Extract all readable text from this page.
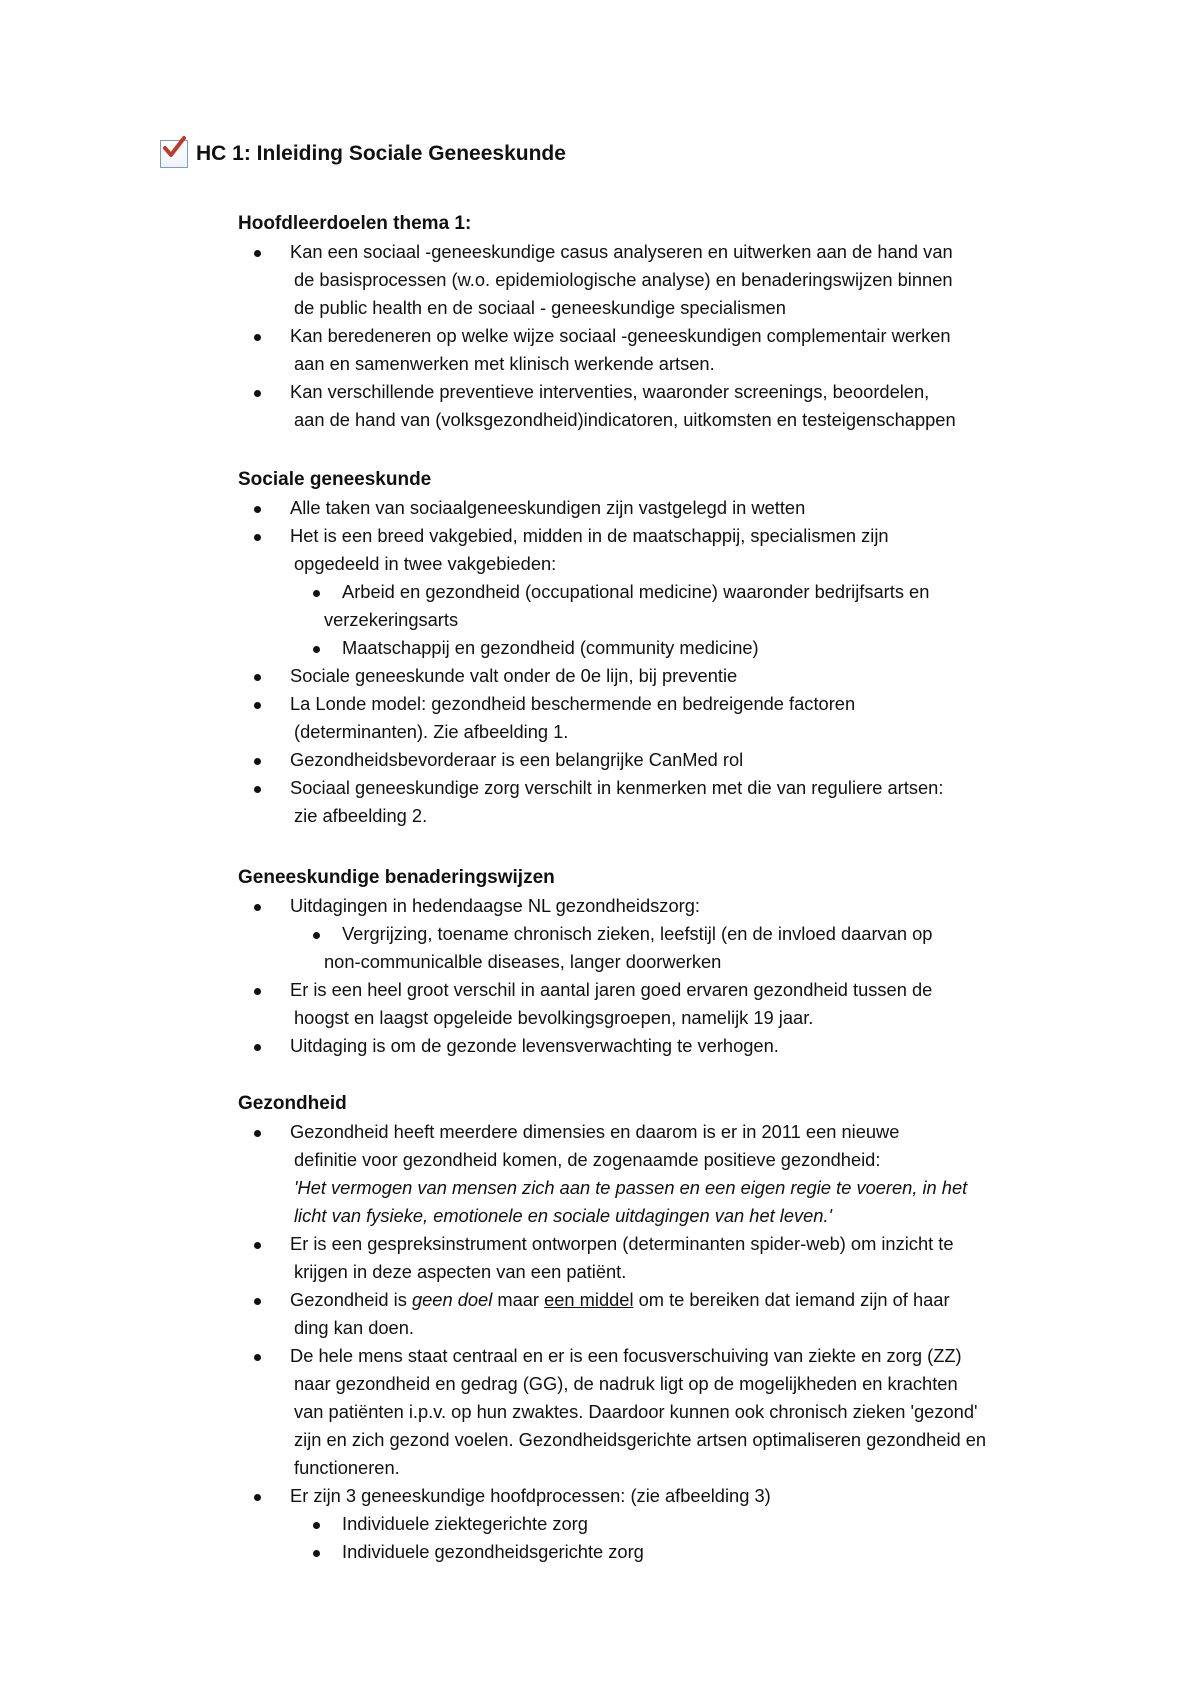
HC 1: Inleiding Sociale Geneeskunde

Hoofdleerdoelen thema 1:

Kan een sociaal -geneeskundige casus analyseren en uitwerken aan de hand van
de basisprocessen (w.o. epidemiologische analyse) en benaderingswijzen binnen
de public health en de sociaal - geneeskundige specialismen
Kan beredeneren op welke wijze sociaal -geneeskundigen complementair werken
aan en samenwerken met klinisch werkende artsen.
Kan verschillende preventieve interventies, waaronder screenings, beoordelen,
aan de hand van (volksgezondheid)indicatoren, uitkomsten en testeigenschappen

Sociale geneeskunde

Alle taken van sociaalgeneeskundigen zijn vastgelegd in wetten
Het is een breed vakgebied, midden in de maatschappij, specialismen zijn
opgedeeld in twee vakgebieden:
Arbeid en gezondheid (occupational medicine) waaronder bedrijfsarts en
verzekeringsarts
Maatschappij en gezondheid (community medicine)
Sociale geneeskunde valt onder de 0e lijn, bij preventie
La Londe model: gezondheid beschermende en bedreigende factoren
(determinanten). Zie afbeelding 1.
Gezondheidsbevorderaar is een belangrijke CanMed rol
Sociaal geneeskundige zorg verschilt in kenmerken met die van reguliere artsen:
zie afbeelding 2.

Geneeskundige benaderingswijzen

Uitdagingen in hedendaagse NL gezondheidszorg:
Vergrijzing, toename chronisch zieken, leefstijl (en de invloed daarvan op
non-communicalble diseases, langer doorwerken
Er is een heel groot verschil in aantal jaren goed ervaren gezondheid tussen de
hoogst en laagst opgeleide bevolkingsgroepen, namelijk 19 jaar.
Uitdaging is om de gezonde levensverwachting te verhogen.

Gezondheid

Gezondheid heeft meerdere dimensies en daarom is er in 2011 een nieuwe
definitie voor gezondheid komen, de zogenaamde positieve gezondheid:
'Het vermogen van mensen zich aan te passen en een eigen regie te voeren, in het
licht van fysieke, emotionele en sociale uitdagingen van het leven.'
Er is een gespreksinstrument ontworpen (determinanten spider-web) om inzicht te
krijgen in deze aspecten van een patiënt.
Gezondheid is geen doel maar een middel om te bereiken dat iemand zijn of haar
ding kan doen.
De hele mens staat centraal en er is een focusverschuiving van ziekte en zorg (ZZ)
naar gezondheid en gedrag (GG), de nadruk ligt op de mogelijkheden en krachten
van patiënten i.p.v. op hun zwaktes. Daardoor kunnen ook chronisch zieken 'gezond'
zijn en zich gezond voelen. Gezondheidsgerichte artsen optimaliseren gezondheid en
functioneren.
Er zijn 3 geneeskundige hoofdprocessen: (zie afbeelding 3)
Individuele ziektegerichte zorg
Individuele gezondheidsgerichte zorg
